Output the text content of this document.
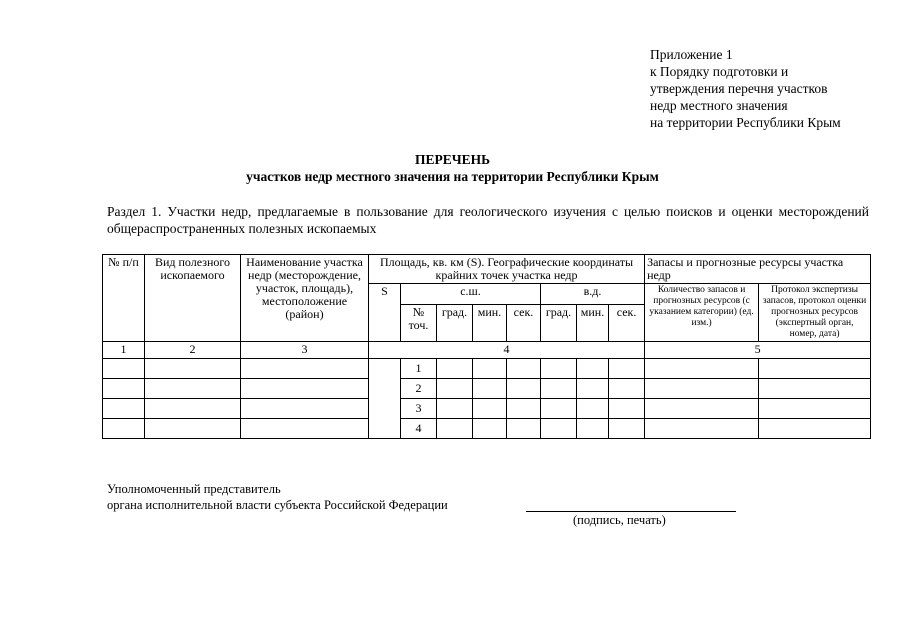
Приложение 1
к Порядку подготовки и
утверждения перечня участков
недр местного значения
на территории Республики Крым
ПЕРЕЧЕНЬ
участков недр местного значения на территории Республики Крым
Раздел 1. Участки недр, предлагаемые в пользование для геологического изучения с целью поисков и оценки месторождений общераспространенных полезных ископаемых
№ п/п	Вид полезного ископаемого	Наименование участка недр (месторождение, участок, площадь), местоположение (район)	Площадь, кв. км (S). Географические координаты крайних точек участка недр								Запасы и прогнозные ресурсы участка недр	
			S	с.ш.				в.д.			Количество запасов и прогнозных ресурсов (с указанием категории) (ед. изм.)	Протокол экспертизы запасов, протокол оценки прогнозных ресурсов (экспертный орган, номер, дата)
				№ точ.	град.	мин.	сек.	град.	мин.	сек.		
1	2	3	4								5	
				1								
				2								
				3								
				4								
Уполномоченный представитель
органа исполнительной власти субъекта Российской Федерации
(подпись, печать)
